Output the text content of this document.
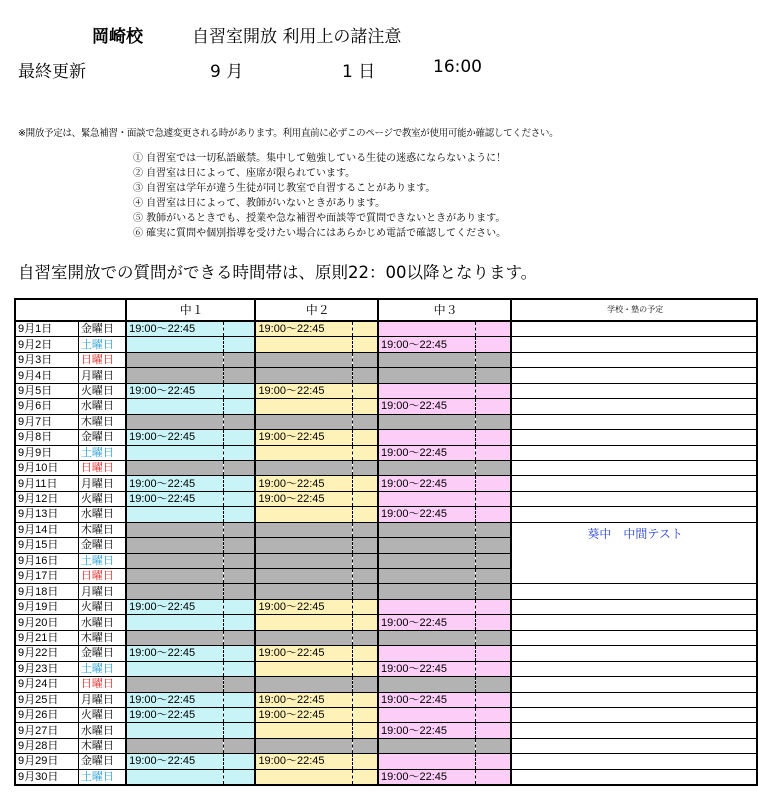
岡崎校	自習室開放 利用上の諸注意
最終更新	9 月	1 日	16:00
※開放予定は、緊急補習・面談で急遽変更される時があります。利用直前に必ずこのページで教室が使用可能か確認してください。
① 自習室では一切私語厳禁。集中して勉強している生徒の迷惑にならないように！
② 自習室は日によって、座席が限られています。
③ 自習室は学年が違う生徒が同じ教室で自習することがあります。
④ 自習室は日によって、教師がいないときがあります。
⑤ 教師がいるときでも、授業や急な補習や面談等で質問できないときがあります。
⑥ 確実に質問や個別指導を受けたい場合にはあらかじめ電話で確認してください。
自習室開放での質問ができる時間帯は、原則22：00以降となります。
		中１		中２		中３		学校・塾の予定
9月1日	金曜日	19:00～22:45		19:00～22:45				
9月2日	土曜日					19:00～22:45		
9月3日	日曜日							
9月4日	月曜日							
9月5日	火曜日	19:00～22:45		19:00～22:45				
9月6日	水曜日					19:00～22:45		
9月7日	木曜日							
9月8日	金曜日	19:00～22:45		19:00～22:45				
9月9日	土曜日					19:00～22:45		
9月10日	日曜日							
9月11日	月曜日	19:00～22:45		19:00～22:45		19:00～22:45		
9月12日	火曜日	19:00～22:45		19:00～22:45				
9月13日	水曜日					19:00～22:45		
9月14日	木曜日							葵中　中間テスト
9月15日	金曜日							
9月16日	土曜日							
9月17日	日曜日							
9月18日	月曜日							
9月19日	火曜日	19:00～22:45		19:00～22:45				
9月20日	水曜日					19:00～22:45		
9月21日	木曜日							
9月22日	金曜日	19:00～22:45		19:00～22:45				
9月23日	土曜日					19:00～22:45		
9月24日	日曜日							
9月25日	月曜日	19:00～22:45		19:00～22:45		19:00～22:45		
9月26日	火曜日	19:00～22:45		19:00～22:45				
9月27日	水曜日					19:00～22:45		
9月28日	木曜日							
9月29日	金曜日	19:00～22:45		19:00～22:45				
9月30日	土曜日					19:00～22:45		
